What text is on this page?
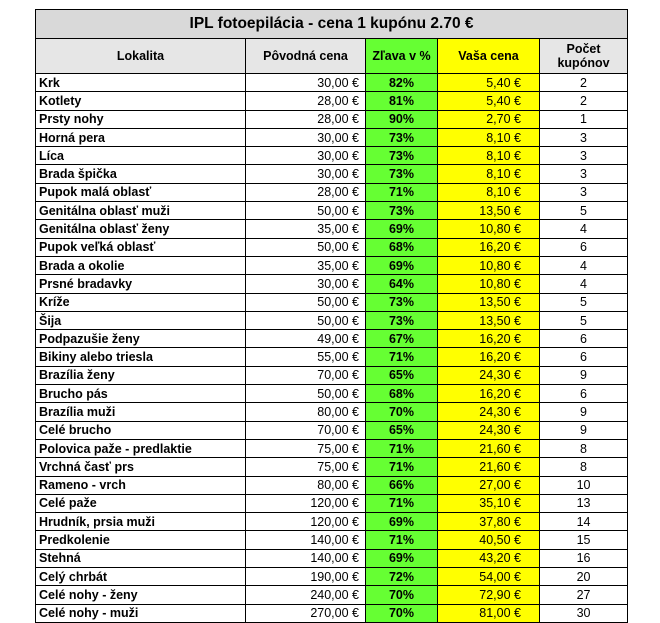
IPL fotoepilácia - cena 1 kupónu 2.70 €				
Lokalita	Pôvodná cena	Zľava v %	Vaša cena	Počet kupónov
Krk	30,00 €	82%	5,40 €	2
Kotlety	28,00 €	81%	5,40 €	2
Prsty nohy	28,00 €	90%	2,70 €	1
Horná pera	30,00 €	73%	8,10 €	3
Líca	30,00 €	73%	8,10 €	3
Brada špička	30,00 €	73%	8,10 €	3
Pupok malá oblasť	28,00 €	71%	8,10 €	3
Genitálna oblasť muži	50,00 €	73%	13,50 €	5
Genitálna oblasť ženy	35,00 €	69%	10,80 €	4
Pupok veľká oblasť	50,00 €	68%	16,20 €	6
Brada a okolie	35,00 €	69%	10,80 €	4
Prsné bradavky	30,00 €	64%	10,80 €	4
Kríže	50,00 €	73%	13,50 €	5
Šija	50,00 €	73%	13,50 €	5
Podpazušie ženy	49,00 €	67%	16,20 €	6
Bikiny alebo triesla	55,00 €	71%	16,20 €	6
Brazília ženy	70,00 €	65%	24,30 €	9
Brucho pás	50,00 €	68%	16,20 €	6
Brazília muži	80,00 €	70%	24,30 €	9
Celé brucho	70,00 €	65%	24,30 €	9
Polovica paže - predlaktie	75,00 €	71%	21,60 €	8
Vrchná časť prs	75,00 €	71%	21,60 €	8
Rameno - vrch	80,00 €	66%	27,00 €	10
Celé paže	120,00 €	71%	35,10 €	13
Hrudník, prsia muži	120,00 €	69%	37,80 €	14
Predkolenie	140,00 €	71%	40,50 €	15
Stehná	140,00 €	69%	43,20 €	16
Celý chrbát	190,00 €	72%	54,00 €	20
Celé nohy - ženy	240,00 €	70%	72,90 €	27
Celé nohy - muži	270,00 €	70%	81,00 €	30
